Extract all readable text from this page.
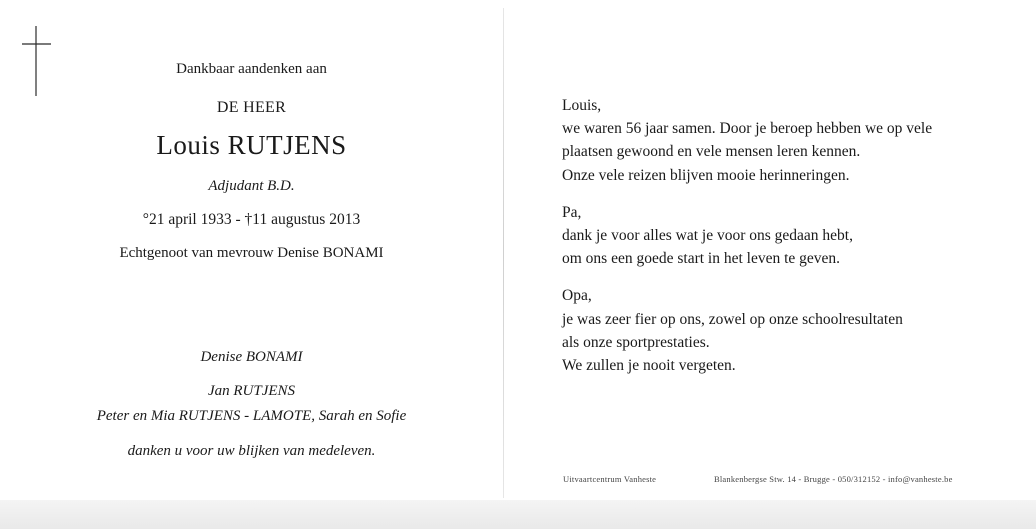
Dankbaar aandenken aan
DE HEER
Louis RUTJENS
Adjudant B.D.
°21 april 1933 - †11 augustus 2013
Echtgenoot van mevrouw Denise BONAMI
Denise BONAMI
Jan RUTJENS
Peter en Mia RUTJENS - LAMOTE, Sarah en Sofie
danken u voor uw blijken van medeleven.

Louis,

we waren 56 jaar samen. Door je beroep hebben we op vele

plaatsen gewoond en vele mensen leren kennen.

Onze vele reizen blijven mooie herinneringen.

Pa,

dank je voor alles wat je voor ons gedaan hebt,

om ons een goede start in het leven te geven.

Opa,

je was zeer fier op ons, zowel op onze schoolresultaten

als onze sportprestaties.

We zullen je nooit vergeten.

Uitvaartcentrum Vanheste	Blankenbergse Stw. 14 - Brugge - 050/312152 - info@vanheste.be
